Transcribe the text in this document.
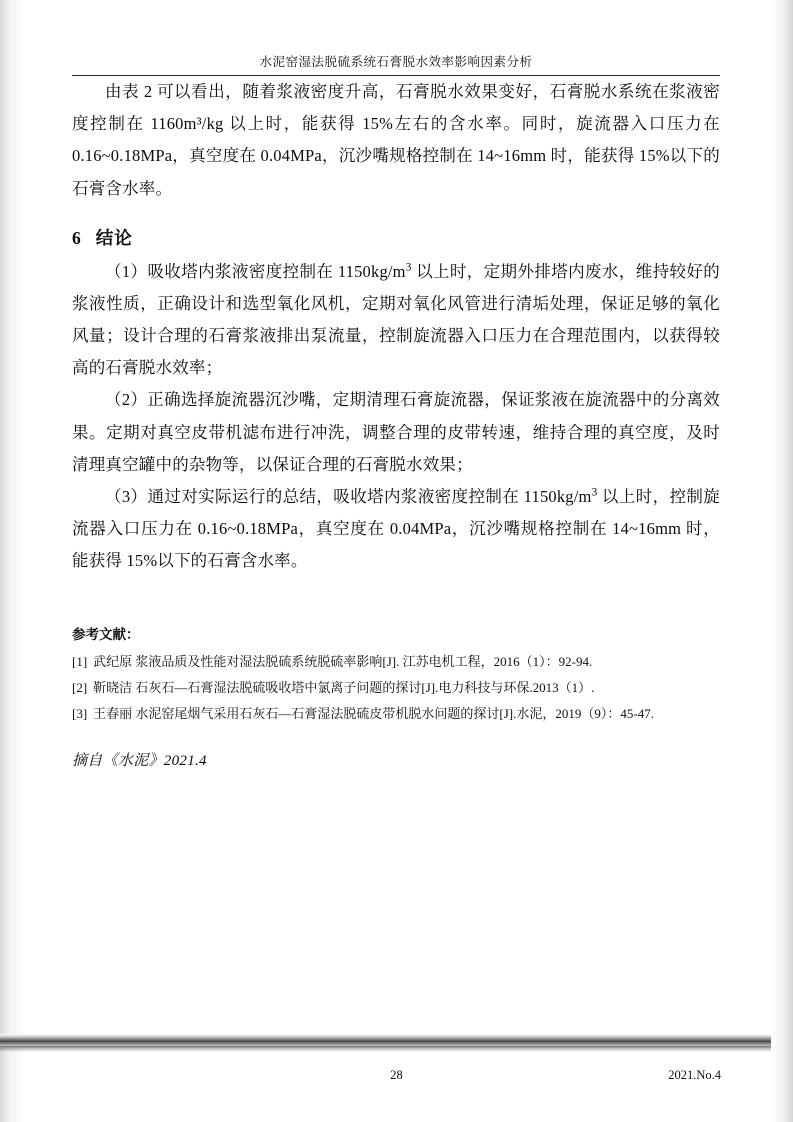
水泥窑湿法脱硫系统石膏脱水效率影响因素分析

由表 2 可以看出，随着浆液密度升高，石膏脱水效果变好，石膏脱水系统在浆液密度控制在 1160m³/kg 以上时，能获得 15%左右的含水率。同时，旋流器入口压力在 0.16~0.18MPa，真空度在 0.04MPa，沉沙嘴规格控制在 14~16mm 时，能获得 15%以下的石膏含水率。

6 结论

（1）吸收塔内浆液密度控制在 $1150kg/m^3$ 以上时，定期外排塔内废水，维持较好的浆液性质，正确设计和选型氧化风机，定期对氧化风管进行清垢处理，保证足够的氧化风量；设计合理的石膏浆液排出泵流量，控制旋流器入口压力在合理范围内，以获得较高的石膏脱水效率；

（2）正确选择旋流器沉沙嘴，定期清理石膏旋流器，保证浆液在旋流器中的分离效果。定期对真空皮带机滤布进行冲洗，调整合理的皮带转速，维持合理的真空度，及时清理真空罐中的杂物等，以保证合理的石膏脱水效果；

（3）通过对实际运行的总结，吸收塔内浆液密度控制在 $1150kg/m^3$ 以上时，控制旋流器入口压力在 0.16~0.18MPa，真空度在 0.04MPa，沉沙嘴规格控制在 14~16mm 时，能获得 15%以下的石膏含水率。

参考文献：
[1] 武纪原 浆液品质及性能对湿法脱硫系统脱硫率影响[J]. 江苏电机工程，2016（1）：92-94.
[2] 靳晓洁 石灰石—石膏湿法脱硫吸收塔中氯离子问题的探讨[J].电力科技与环保.2013（1）.
[3] 王春丽 水泥窑尾烟气采用石灰石—石膏湿法脱硫皮带机脱水问题的探讨[J].水泥，2019（9）：45-47.
摘自《水泥》2021.4
28	2021.No.4
